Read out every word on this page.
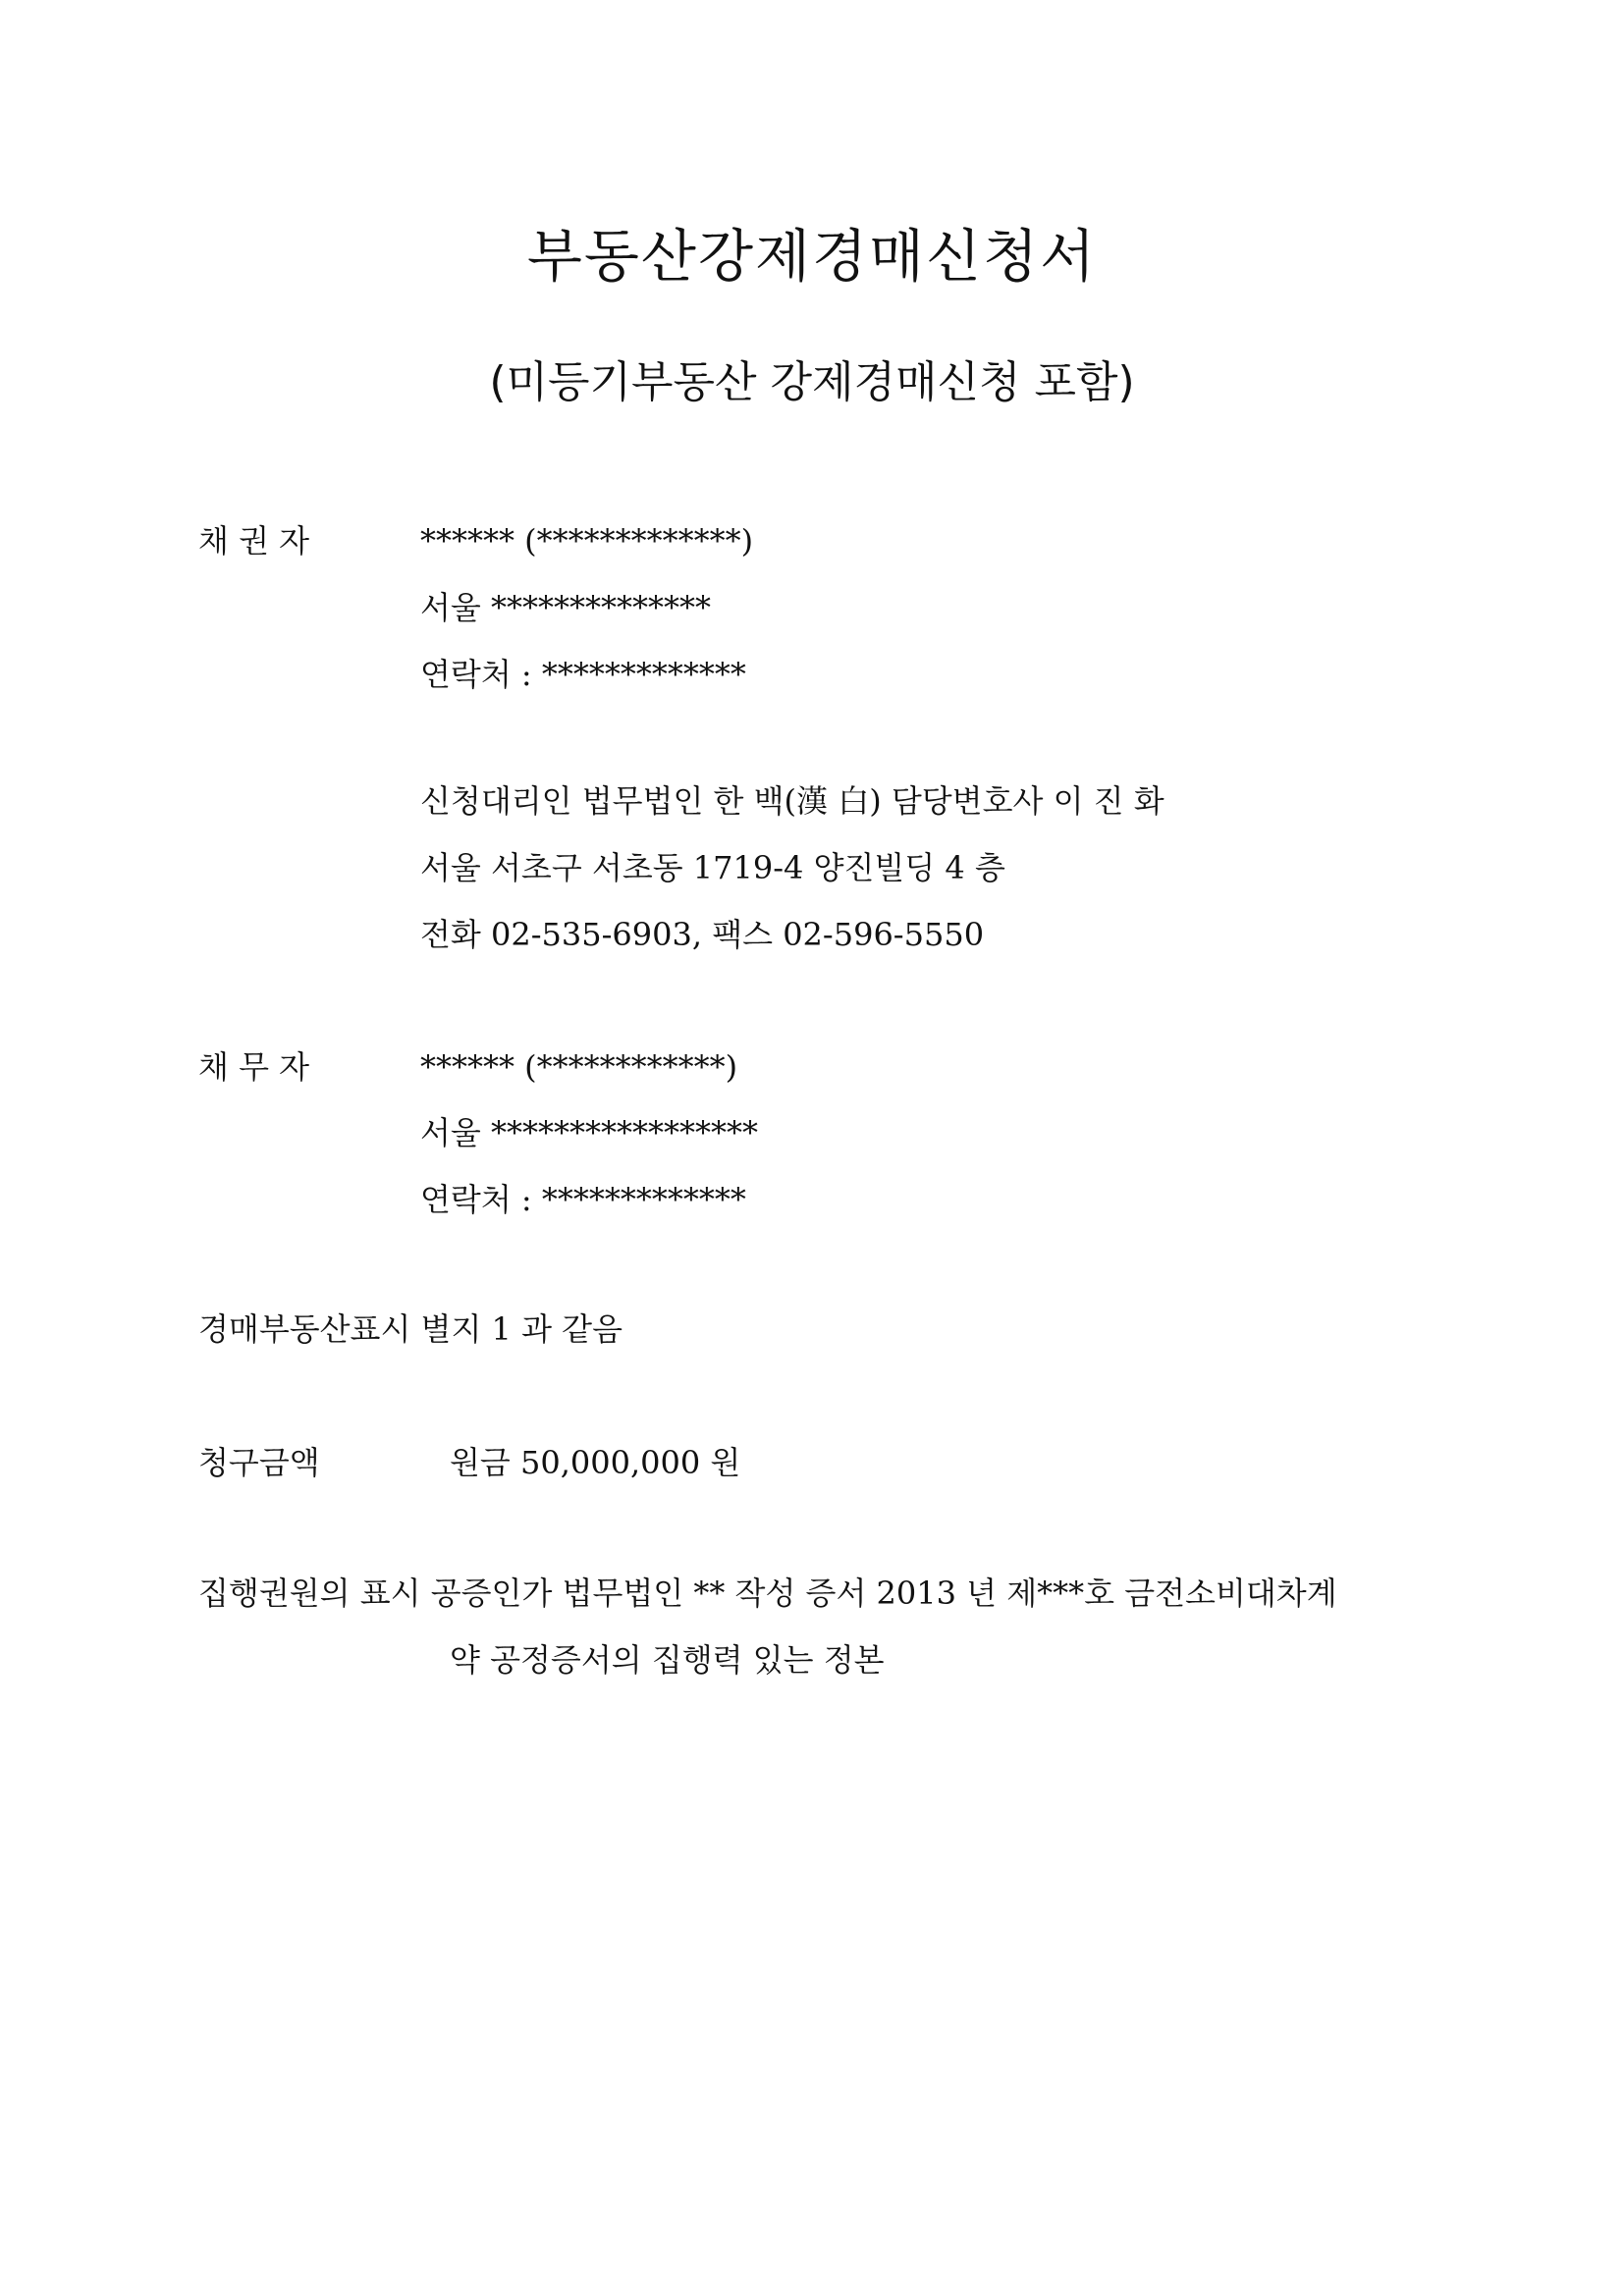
부동산강제경매신청서
(미등기부동산 강제경매신청 포함)
채 권 자	****** (*************)
서울 **************
연락처 : *************
신청대리인 법무법인 한 백(漢 白) 담당변호사 이 진 화
서울 서초구 서초동 1719-4 양진빌딩 4 층
전화 02-535-6903, 팩스 02-596-5550
채 무 자	****** (************)
서울 *****************
연락처 : *************
경매부동산표시 별지 1 과 같음
청구금액	원금 50,000,000 원
집행권원의 표시 공증인가 법무법인 ** 작성 증서 2013 년 제***호 금전소비대차계
약 공정증서의 집행력 있는 정본
